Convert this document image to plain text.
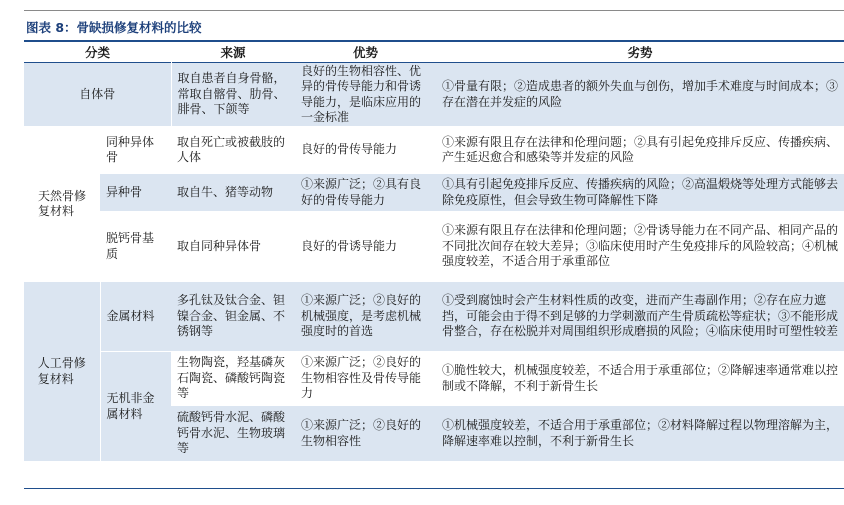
图表 8：骨缺损修复材料的比较
分类		来源	优势	劣势
自体骨		取自患者自身骨骼，常取自髂骨、肋骨、 腓骨、下颌等	良好的生物相容性、优异的骨传导能力和骨诱导能力，是临床应用的一金标准	①骨量有限；②造成患者的额外失血与创伤，增加手术难度与时间成本；③存在潜在并发症的风险
天然骨修复材料	同种异体骨	取自死亡或被截肢的人体	良好的骨传导能力	①来源有限且存在法律和伦理问题；②具有引起免疫排斥反应、传播疾病、产生延迟愈合和感染等并发症的风险
	异种骨	取自牛、猪等动物	①来源广泛；②具有良好的骨传导能力	①具有引起免疫排斥反应、传播疾病的风险；②高温煅烧等处理方式能够去除免疫原性，但会导致生物可降解性下降
	脱钙骨基质	取自同种异体骨	良好的骨诱导能力	①来源有限且存在法律和伦理问题；②骨诱导能力在不同产品、相同产品的不同批次间存在较大差异；③临床使用时产生免疫排斥的风险较高；④机械强度较差，不适合用于承重部位
人工骨修复材料	金属材料	多孔钛及钛合金、钽镍合金、钽金属、不锈钢等	①来源广泛；②良好的机械强度，是考虑机械强度时的首选	①受到腐蚀时会产生材料性质的改变，进而产生毒副作用；②存在应力遮挡，可能会由于得不到足够的力学刺激而产生骨质疏松等症状；③不能形成骨整合，存在松脱并对周围组织形成磨损的风险；④临床使用时可塑性较差
	无机非金属材料	生物陶瓷，羟基磷灰石陶瓷、磷酸钙陶瓷等	①来源广泛；②良好的生物相容性及骨传导能力	①脆性较大，机械强度较差，不适合用于承重部位；②降解速率通常难以控制或不降解，不利于新骨生长
		硫酸钙骨水泥、磷酸钙骨水泥、生物玻璃等	①来源广泛；②良好的生物相容性	①机械强度较差，不适合用于承重部位；②材料降解过程以物理溶解为主，降解速率难以控制，不利于新骨生长
